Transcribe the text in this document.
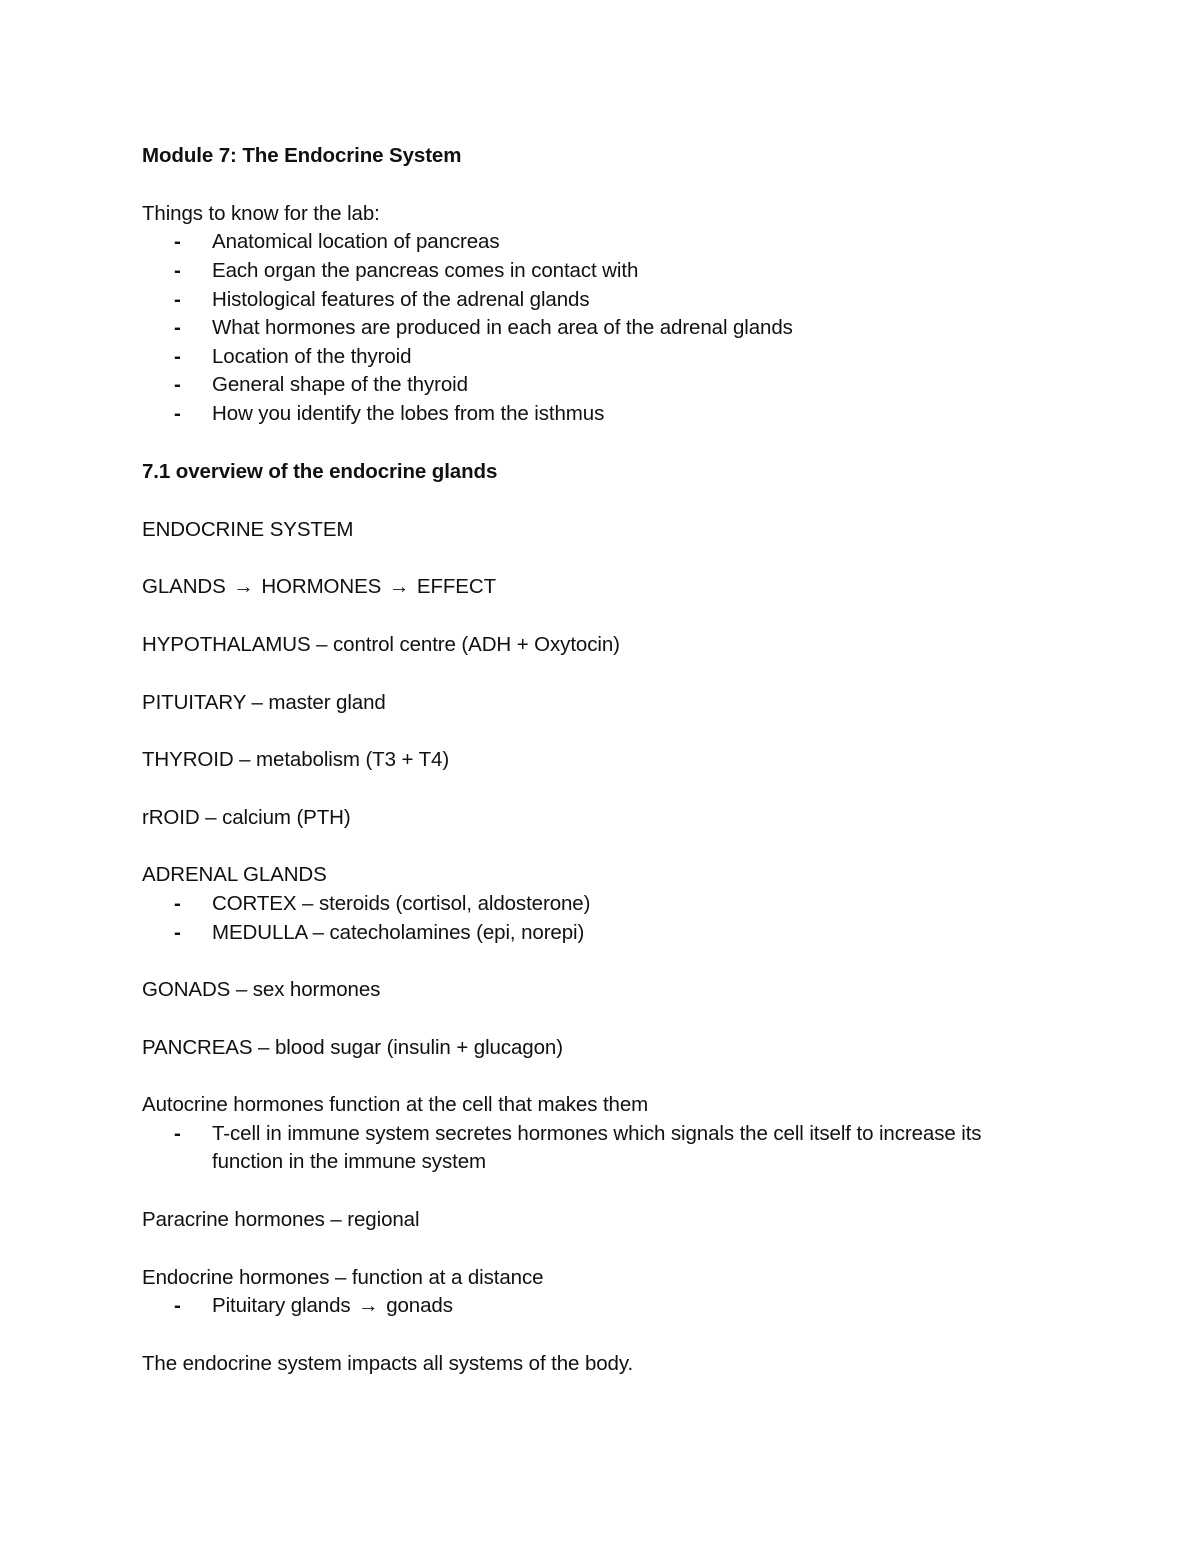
Module 7: The Endocrine System
Things to know for the lab:
-	Anatomical location of pancreas
-	Each organ the pancreas comes in contact with
-	Histological features of the adrenal glands
-	What hormones are produced in each area of the adrenal glands
-	Location of the thyroid
-	General shape of the thyroid
-	How you identify the lobes from the isthmus
7.1 overview of the endocrine glands
ENDOCRINE SYSTEM
GLANDS → HORMONES → EFFECT
HYPOTHALAMUS – control centre (ADH + Oxytocin)
PITUITARY – master gland
THYROID – metabolism (T3 + T4)
rROID – calcium (PTH)
ADRENAL GLANDS
-	CORTEX – steroids (cortisol, aldosterone)
-	MEDULLA – catecholamines (epi, norepi)
GONADS – sex hormones
PANCREAS – blood sugar (insulin + glucagon)
Autocrine hormones function at the cell that makes them
-	T-cell in immune system secretes hormones which signals the cell itself to increase its
function in the immune system
Paracrine hormones – regional
Endocrine hormones – function at a distance
-	Pituitary glands → gonads
The endocrine system impacts all systems of the body.
